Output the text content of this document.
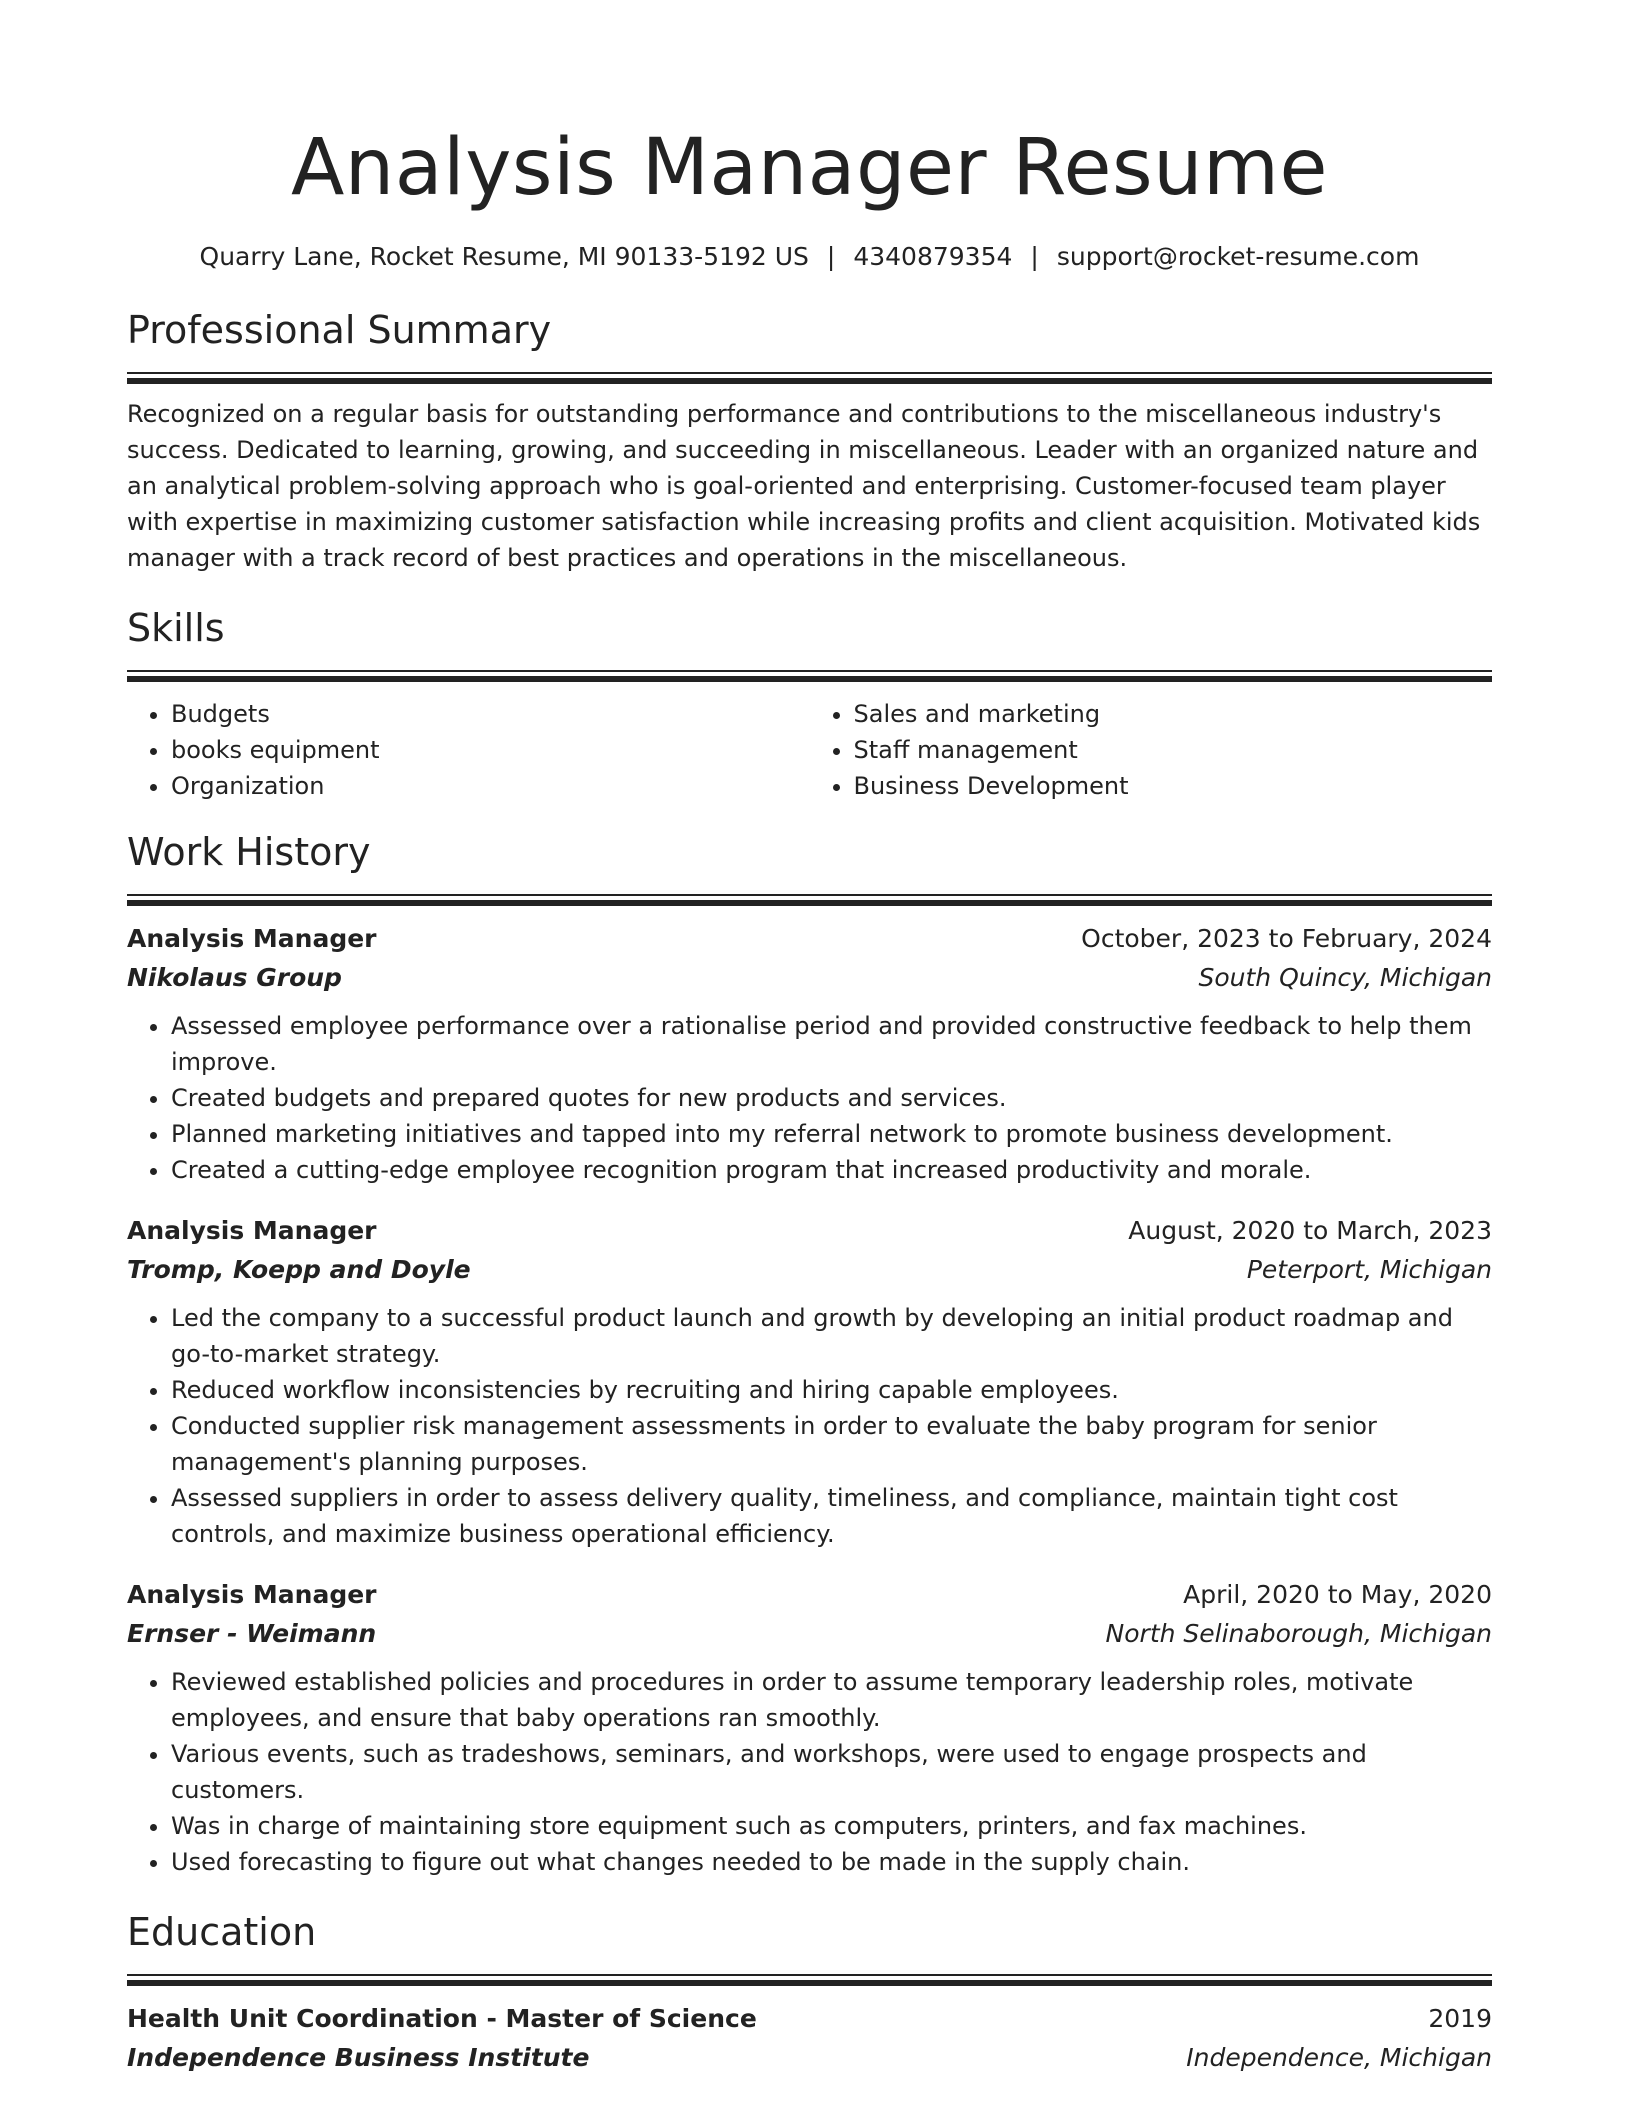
Analysis Manager Resume
Quarry Lane, Rocket Resume, MI 90133-5192 US | 4340879354 | support@rocket-resume.com
Professional Summary

Recognized on a regular basis for outstanding performance and contributions to the miscellaneous industry's success. Dedicated to learning, growing, and succeeding in miscellaneous. Leader with an organized nature and an analytical problem-solving approach who is goal-oriented and enterprising. Customer-focused team player with expertise in maximizing customer satisfaction while increasing profits and client acquisition. Motivated kids manager with a track record of best practices and operations in the miscellaneous.

Skills
• Budgets
• books equipment
• Organization
• Sales and marketing
• Staff management
• Business Development
Work History
Analysis Manager	October, 2023 to February, 2024
Nikolaus Group	South Quincy, Michigan
• Assessed employee performance over a rationalise period and provided constructive feedback to help them improve.
• Created budgets and prepared quotes for new products and services.
• Planned marketing initiatives and tapped into my referral network to promote business development.
• Created a cutting-edge employee recognition program that increased productivity and morale.
Analysis Manager	August, 2020 to March, 2023
Tromp, Koepp and Doyle	Peterport, Michigan
• Led the company to a successful product launch and growth by developing an initial product roadmap and go-to-market strategy.
• Reduced workflow inconsistencies by recruiting and hiring capable employees.
• Conducted supplier risk management assessments in order to evaluate the baby program for senior management's planning purposes.
• Assessed suppliers in order to assess delivery quality, timeliness, and compliance, maintain tight cost controls, and maximize business operational efficiency.
Analysis Manager	April, 2020 to May, 2020
Ernser - Weimann	North Selinaborough, Michigan
• Reviewed established policies and procedures in order to assume temporary leadership roles, motivate employees, and ensure that baby operations ran smoothly.
• Various events, such as tradeshows, seminars, and workshops, were used to engage prospects and customers.
• Was in charge of maintaining store equipment such as computers, printers, and fax machines.
• Used forecasting to figure out what changes needed to be made in the supply chain.
Education
Health Unit Coordination - Master of Science	2019
Independence Business Institute	Independence, Michigan
